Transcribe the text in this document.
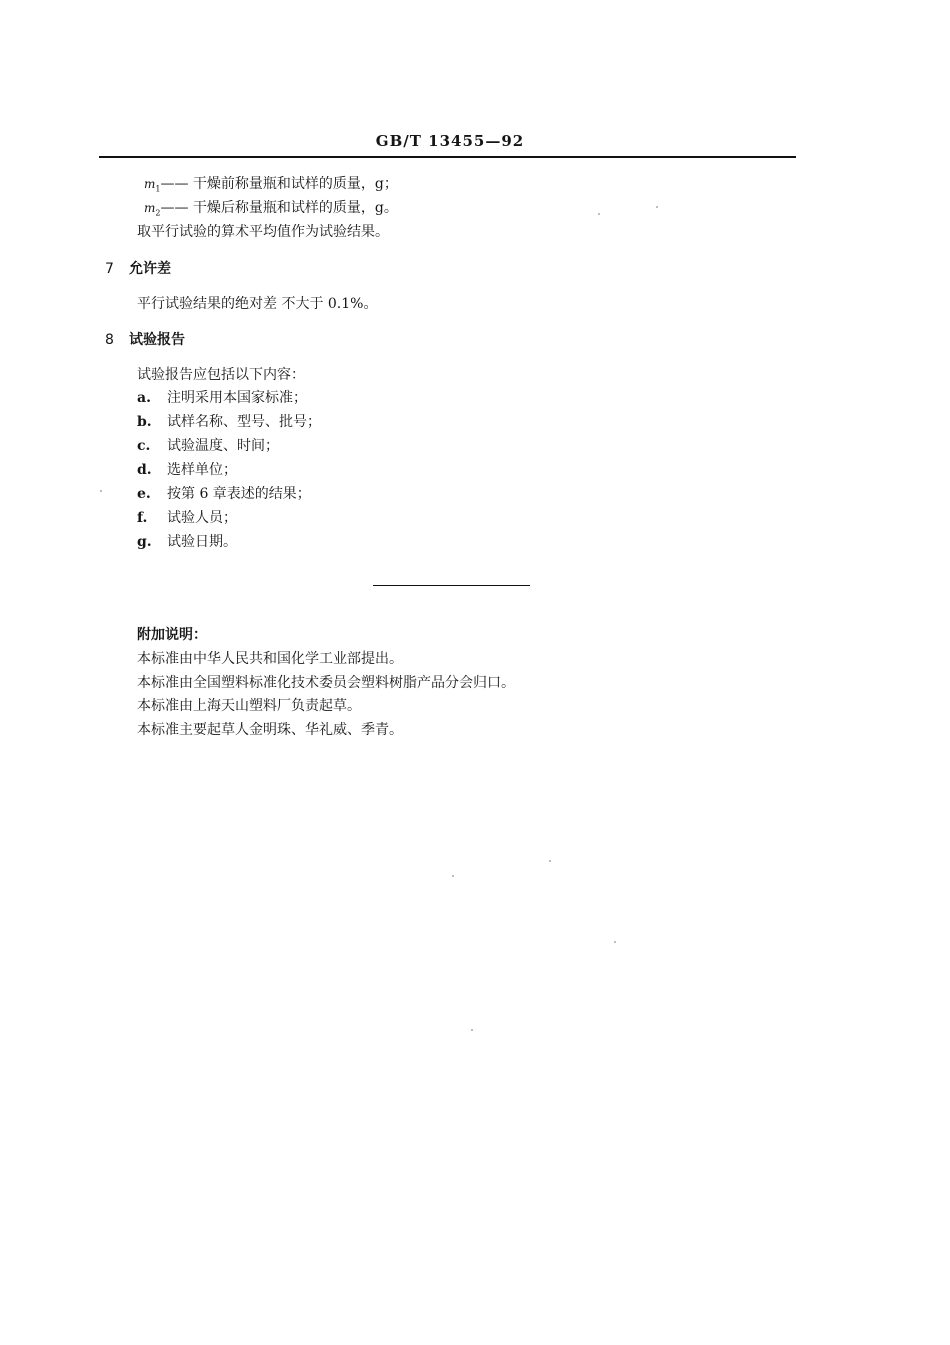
GB/T 13455—92
$m_1——$ 干燥前称量瓶和试样的质量，g；
$m_2——$ 干燥后称量瓶和试样的质量，g。
取平行试验的算术平均值作为试验结果。
7 允许差
平行试验结果的绝对差 不大于 0.1%。
8 试验报告
试验报告应包括以下内容：
a. 注明采用本国家标准；
b. 试样名称、型号、批号；
c. 试验温度、时间；
d. 选样单位；
e. 按第 6 章表述的结果；
f. 试验人员；
g. 试验日期。
附加说明：
本标准由中华人民共和国化学工业部提出。
本标准由全国塑料标准化技术委员会塑料树脂产品分会归口。
本标准由上海天山塑料厂负责起草。
本标准主要起草人金明珠、华礼威、季青。
